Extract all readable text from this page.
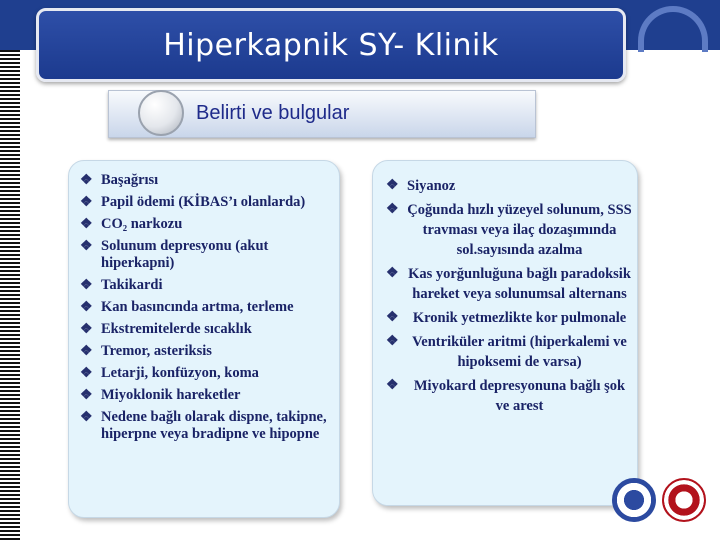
Hiperkapnik SY- Klinik
Belirti ve bulgular
❖ Başağrısı
❖ Papil ödemi (KİBAS’ı olanlarda)
❖ CO₂ narkozu
❖ Solunum depresyonu (akut hiperkapni)
❖ Takikardi
❖ Kan basıncında artma, terleme
❖ Ekstremitelerde sıcaklık
❖ Tremor, asteriksis
❖ Letarji, konfüzyon, koma
❖ Miyoklonik hareketler
❖ Nedene bağlı olarak dispne, takipne, hiperpne veya bradipne ve hipopne
❖ Siyanoz
❖ Çoğunda hızlı yüzeyel solunum, SSS travması veya ilaç dozaşımında sol.sayısında azalma
❖ Kas yorğunluğuna bağlı paradoksik hareket veya solunumsal alternans
❖ Kronik yetmezlikte kor pulmonale
❖ Ventriküler aritmi (hiperkalemi ve hipoksemi de varsa)
❖	Miyokard depresyonuna bağlı şok ve arest
